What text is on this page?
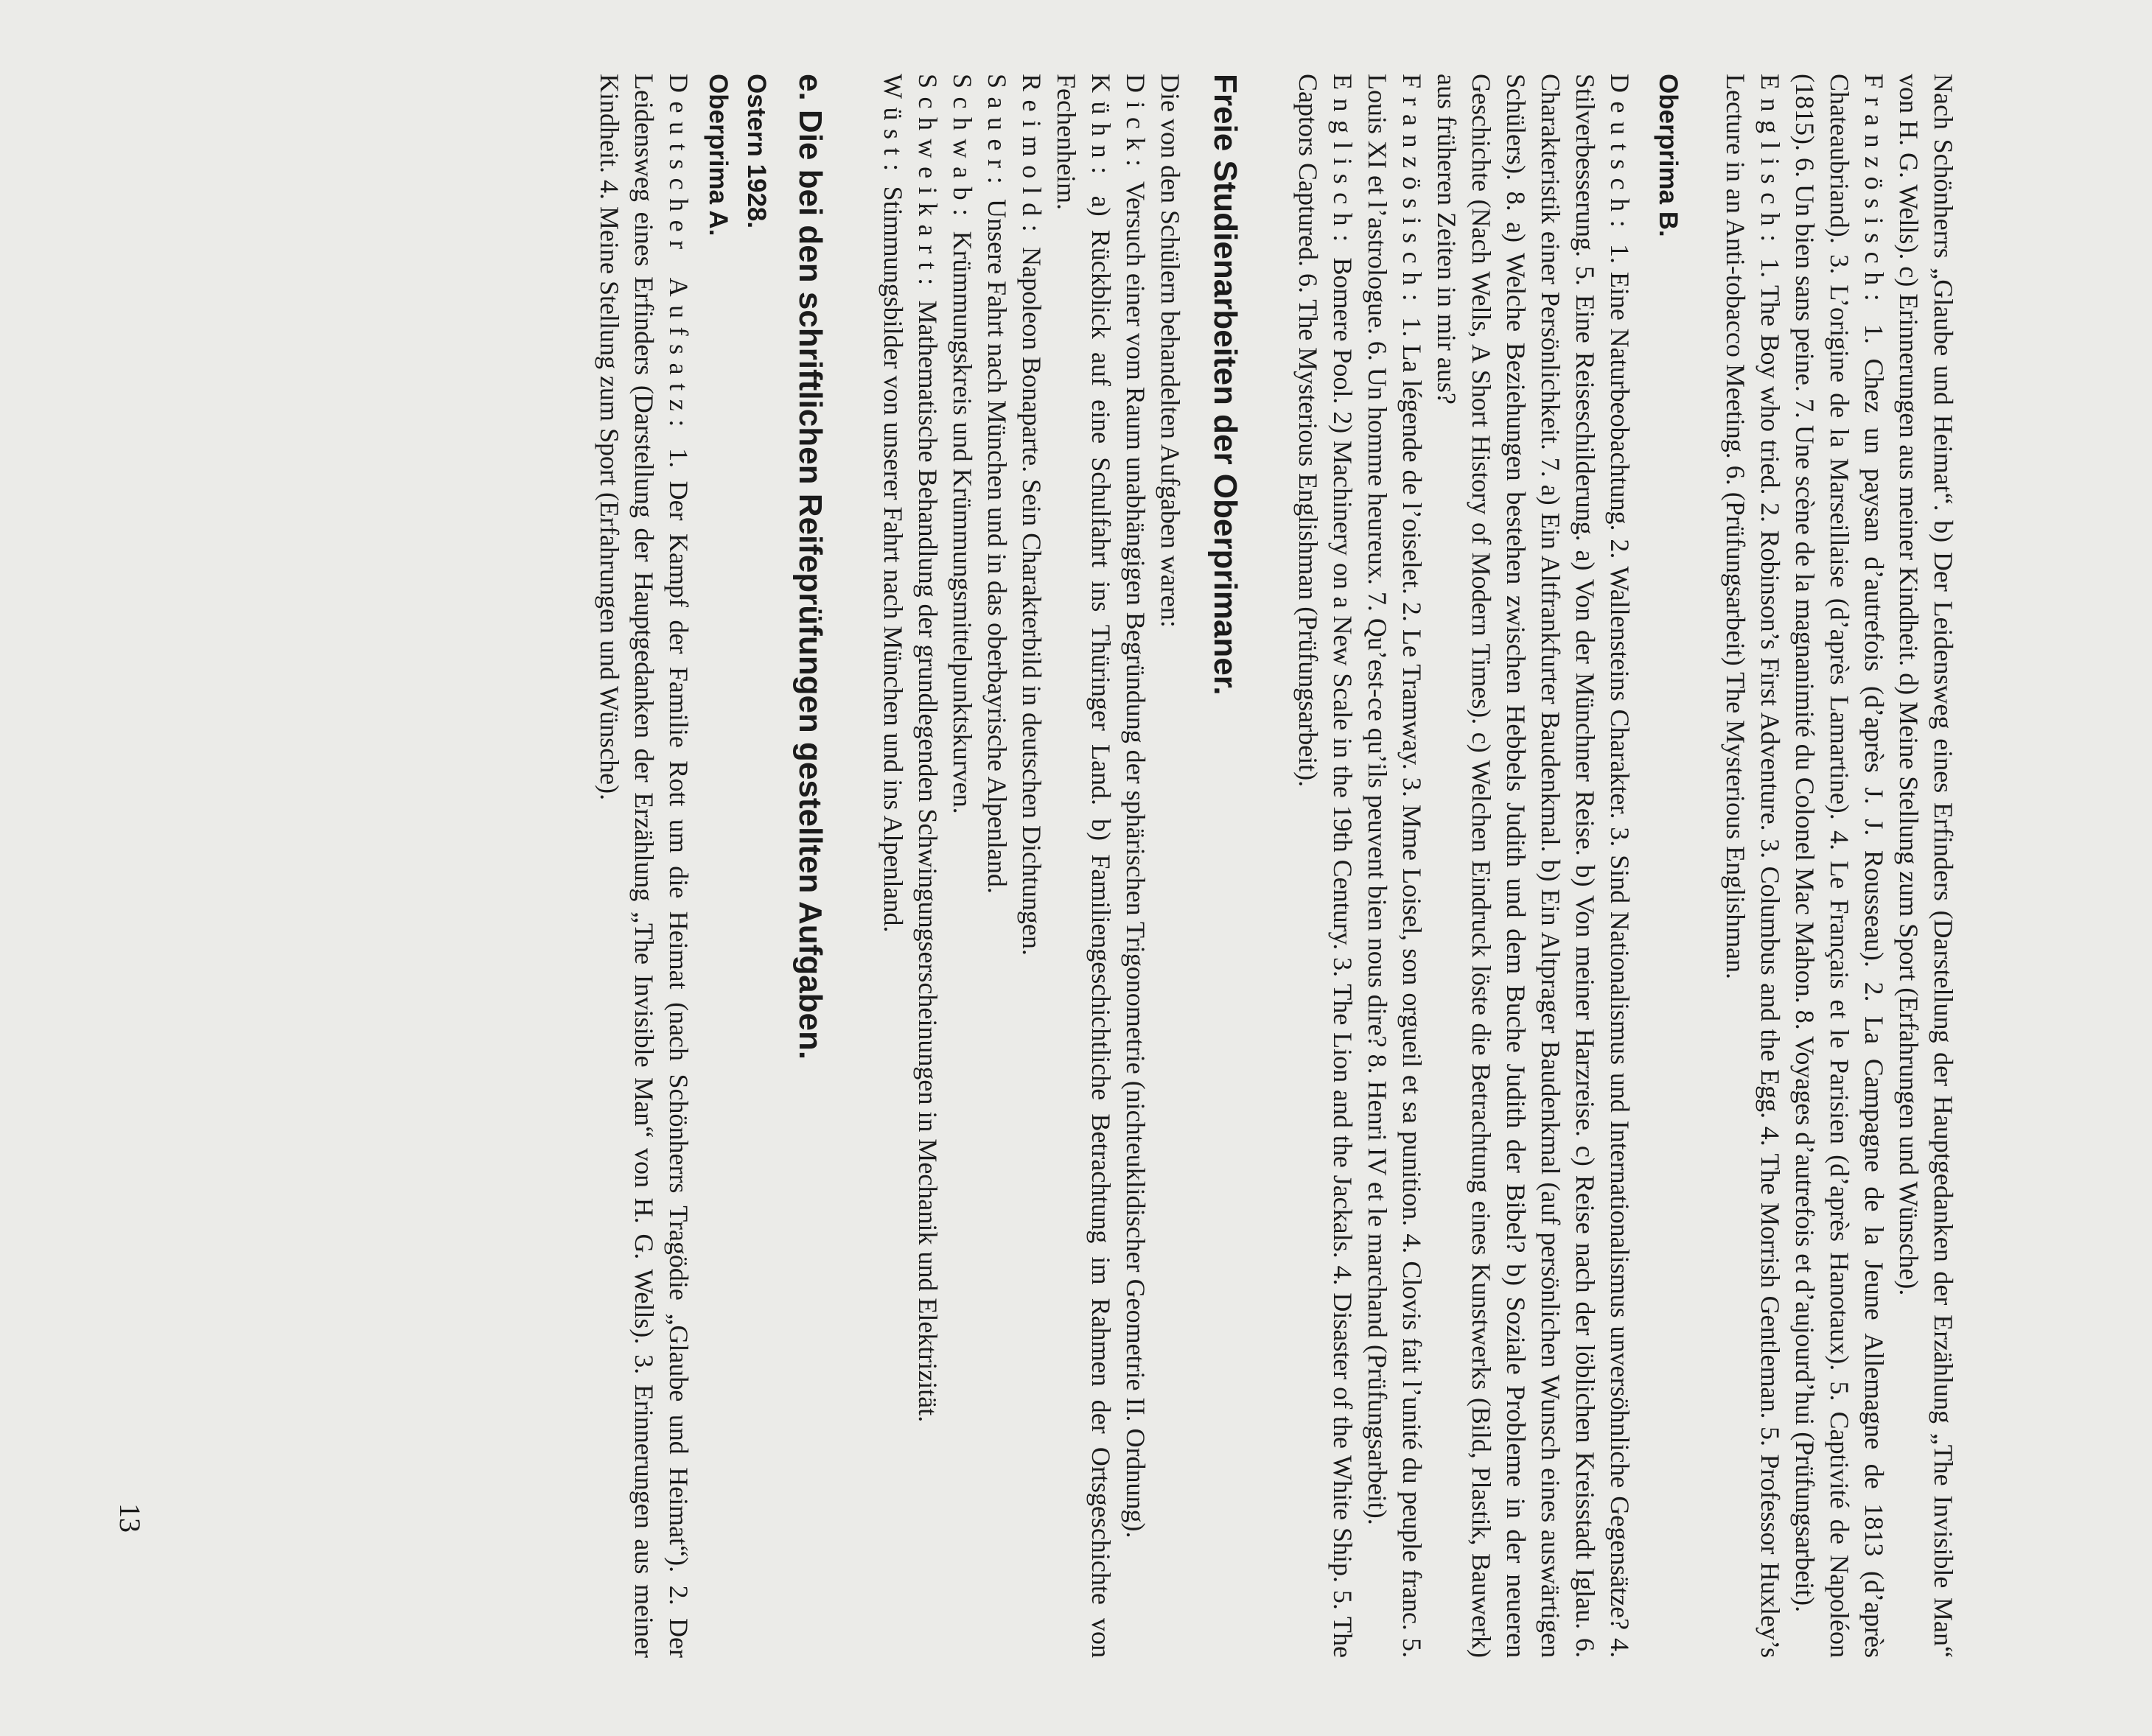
Nach Schönherrs „Glaube und Heimat“. b) Der Leidensweg eines Erfinders (Darstellung der Hauptgedanken der Erzählung „The Invisible Man“ von H. G. Wells). c) Erinnerungen aus meiner Kindheit. d) Meine Stellung zum Sport (Erfahrungen und Wünsche).

Französisch: 1. Chez un paysan d’autrefois (d’après J. J. Rousseau). 2. La Campagne de la Jeune Allemagne de 1813 (d’après Chateaubriand). 3. L’origine de la Marseillaise (d’après Lamartine). 4. Le Français et le Parisien (d’après Hanotaux). 5. Captivité de Napoléon (1815). 6. Un bien sans peine. 7. Une scène de la magnanimité du Colonel Mac Mahon. 8. Voyages d’autrefois et d’aujourd’hui (Prüfungsarbeit).

Englisch: 1. The Boy who tried. 2. Robinson’s First Adventure. 3. Columbus and the Egg. 4. The Morrish Gentleman. 5. Professor Huxley’s Lecture in an Anti-tobacco Meeting. 6. (Prüfungsarbeit) The Mysterious Englishman.

Oberprima B.

Deutsch: 1. Eine Naturbeobachtung. 2. Wallensteins Charakter. 3. Sind Nationalismus und Internationalismus unversöhnliche Gegensätze? 4. Stilverbesserung. 5. Eine Reiseschilderung. a) Von der Münchner Reise. b) Von meiner Harzreise. c) Reise nach der löblichen Kreisstadt Iglau. 6. Charakteristik einer Persönlichkeit. 7. a) Ein Altfrankfurter Baudenkmal. b) Ein Altprager Baudenkmal (auf persönlichen Wunsch eines auswärtigen Schülers). 8. a) Welche Beziehungen bestehen zwischen Hebbels Judith und dem Buche Judith der Bibel? b) Soziale Probleme in der neueren Geschichte (Nach Wells, A Short History of Modern Times). c) Welchen Eindruck löste die Betrachtung eines Kunstwerks (Bild, Plastik, Bauwerk) aus früheren Zeiten in mir aus?

Französisch: 1. La légende de l’oiselet. 2. Le Tramway. 3. Mme Loisel, son orgueil et sa punition. 4. Clovis fait l’unité du peuple franc. 5. Louis XI et l’astrologue. 6. Un homme heureux. 7. Qu’est-ce qu’ils peuvent bien nous dire? 8. Henri IV et le marchand (Prüfungsarbeit).

Englisch: Bomere Pool. 2) Machinery on a New Scale in the 19th Century. 3. The Lion and the Jackals. 4. Disaster of the White Ship. 5. The Captors Captured. 6. The Mysterious Englishman (Prüfungsarbeit).

Freie Studienarbeiten der Oberprimaner.

Die von den Schülern behandelten Aufgaben waren:

Dick: Versuch einer vom Raum unabhängigen Begründung der sphärischen Trigonometrie (nichteuklidischer Geometrie II. Ordnung).

Kühn: a) Rückblick auf eine Schulfahrt ins Thüringer Land. b) Familiengeschichtliche Betrachtung im Rahmen der Ortsgeschichte von Fechenheim.

Reimold: Napoleon Bonaparte. Sein Charakterbild in deutschen Dichtungen.

Sauer: Unsere Fahrt nach München und in das oberbayrische Alpenland.

Schwab: Krümmungskreis und Krümmungsmittelpunktskurven.

Schweikart: Mathematische Behandlung der grundlegenden Schwingungserscheinungen in Mechanik und Elektrizität.

Wüst: Stimmungsbilder von unserer Fahrt nach München und ins Alpenland.

e. Die bei den schriftlichen Reifeprüfungen gestellten Aufgaben.
Ostern 1928.
Oberprima A.

Deutscher Aufsatz: 1. Der Kampf der Familie Rott um die Heimat (nach Schönherrs Tragödie „Glaube und Heimat“). 2. Der Leidensweg eines Erfinders (Darstellung der Hauptgedanken der Erzählung „The Invisible Man“ von H. G. Wells). 3. Erinnerungen aus meiner Kindheit. 4. Meine Stellung zum Sport (Erfahrungen und Wünsche).

13
